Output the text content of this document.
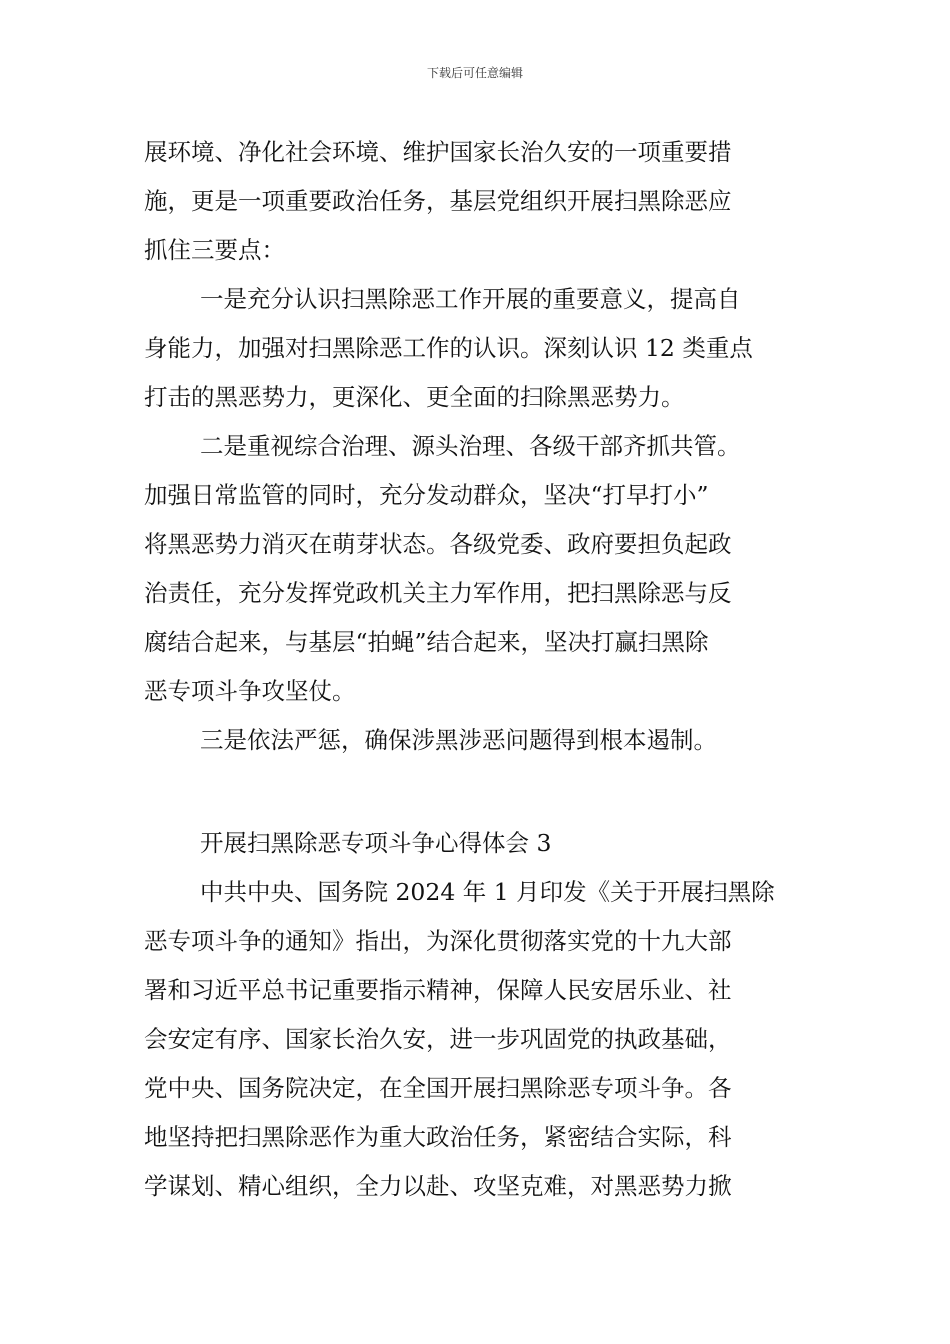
下载后可任意编辑
展环境、净化社会环境、维护国家长治久安的一项重要措
施，更是一项重要政治任务，基层党组织开展扫黑除恶应
抓住三要点：
一是充分认识扫黑除恶工作开展的重要意义，提高自
身能力，加强对扫黑除恶工作的认识。深刻认识 12 类重点
打击的黑恶势力，更深化、更全面的扫除黑恶势力。
二是重视综合治理、源头治理、各级干部齐抓共管。
加强日常监管的同时，充分发动群众，坚决“打早打小”
将黑恶势力消灭在萌芽状态。各级党委、政府要担负起政
治责任，充分发挥党政机关主力军作用，把扫黑除恶与反
腐结合起来，与基层“拍蝇”结合起来，坚决打赢扫黑除
恶专项斗争攻坚仗。
三是依法严惩，确保涉黑涉恶问题得到根本遏制。
开展扫黑除恶专项斗争心得体会 3
中共中央、国务院 2024 年 1 月印发《关于开展扫黑除
恶专项斗争的通知》指出，为深化贯彻落实党的十九大部
署和习近平总书记重要指示精神，保障人民安居乐业、社
会安定有序、国家长治久安，进一步巩固党的执政基础，
党中央、国务院决定，在全国开展扫黑除恶专项斗争。各
地坚持把扫黑除恶作为重大政治任务，紧密结合实际，科
学谋划、精心组织，全力以赴、攻坚克难，对黑恶势力掀
